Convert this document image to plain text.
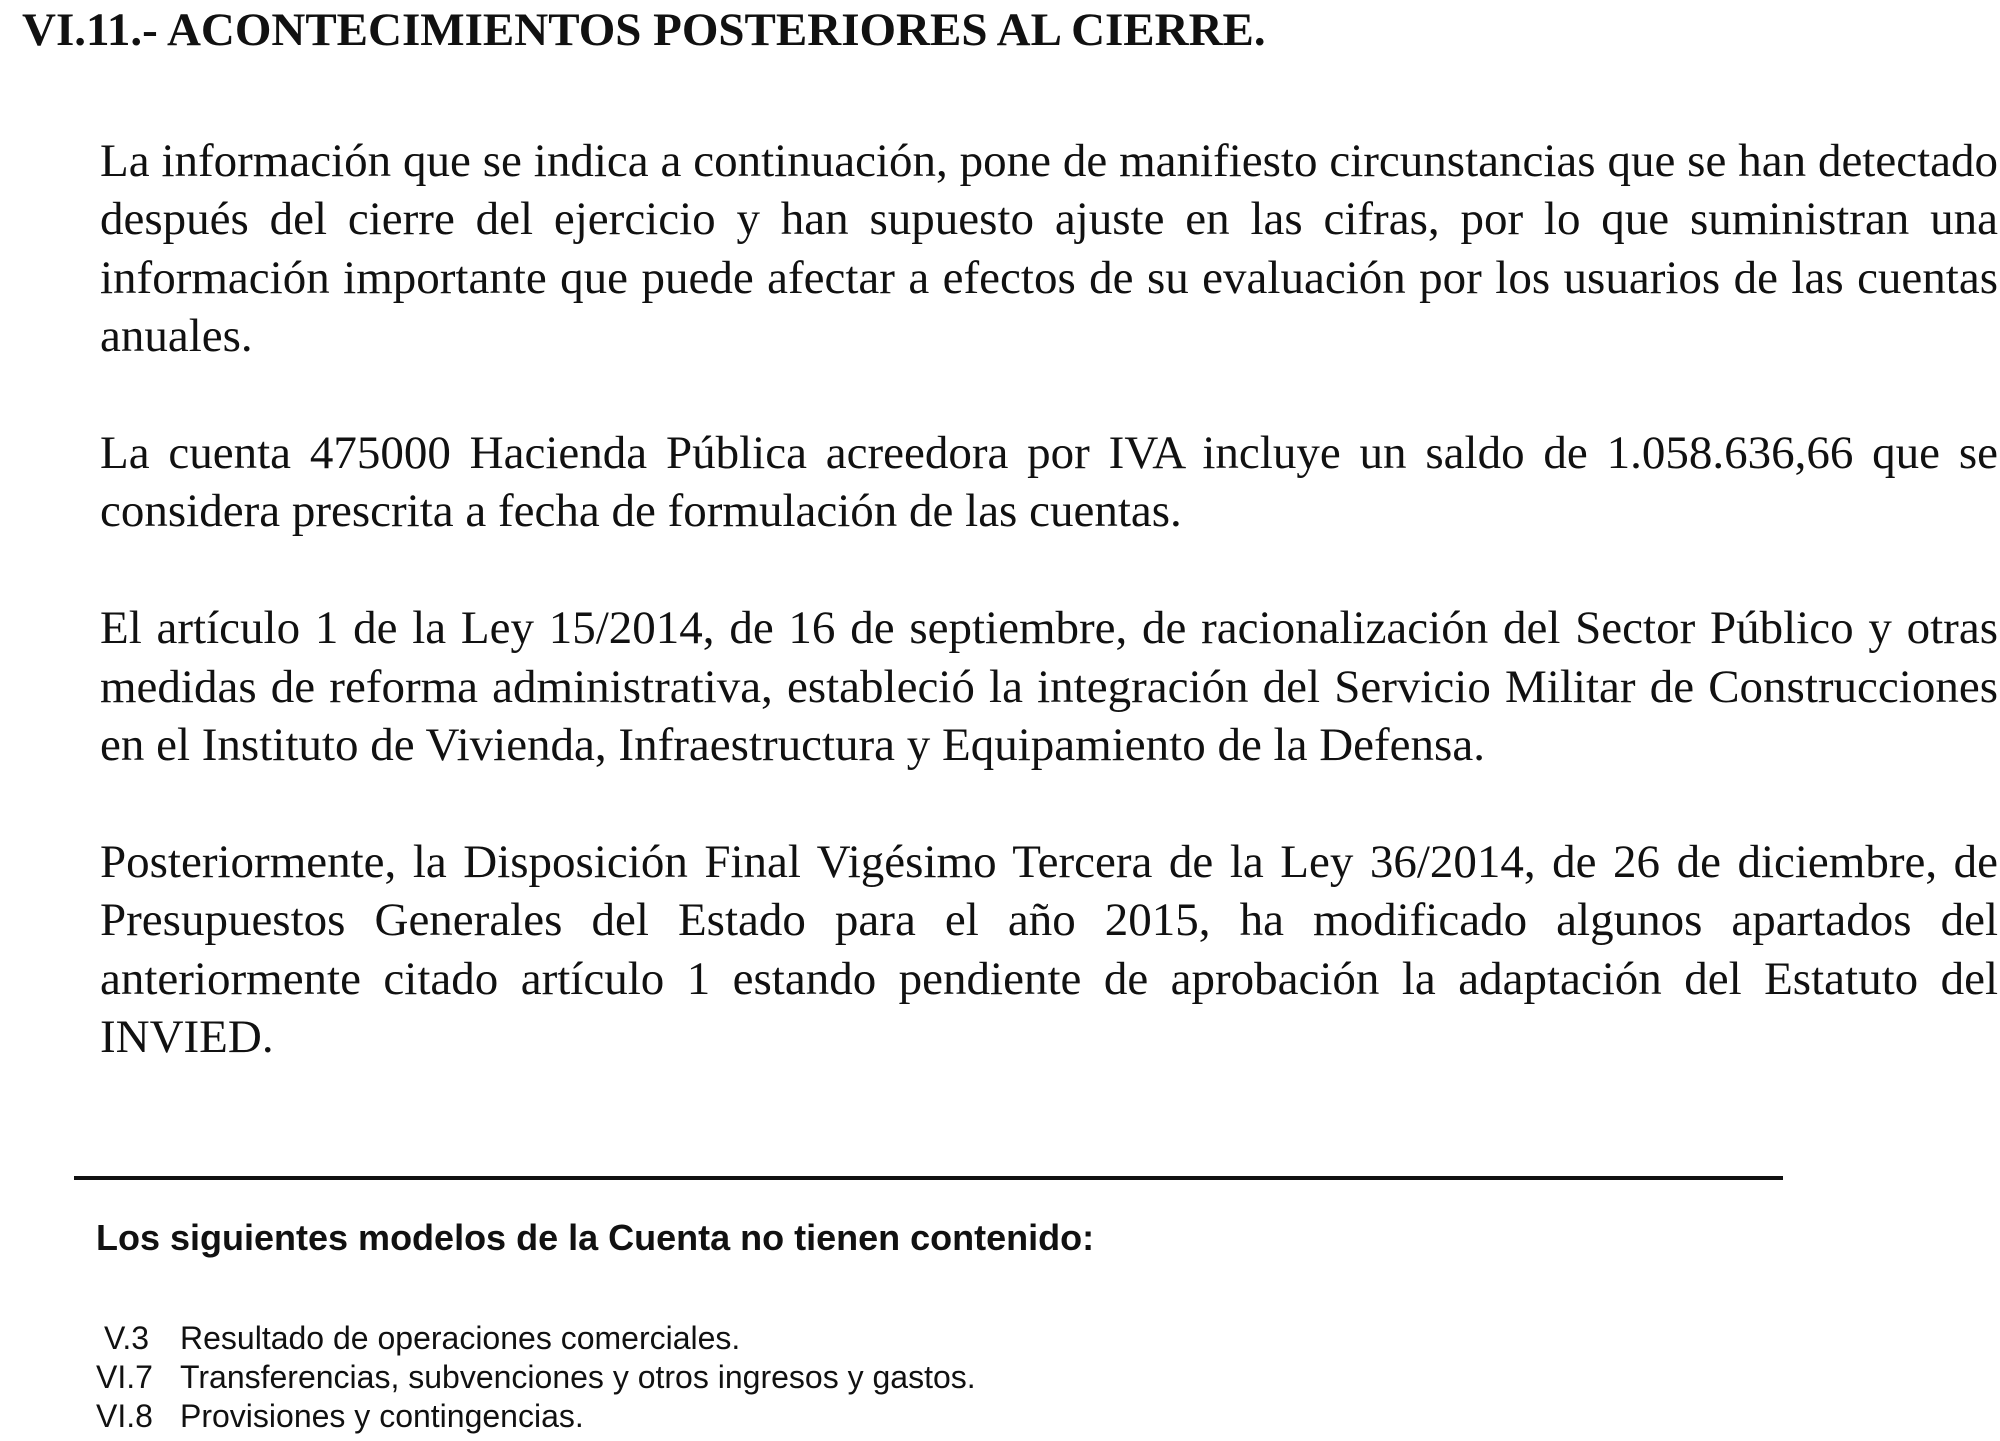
VI.11.- ACONTECIMIENTOS POSTERIORES AL CIERRE.

La información que se indica a continuación, pone de manifiesto circunstancias que se han detectado después del cierre del ejercicio y han supuesto ajuste en las cifras, por lo que suministran una información importante que puede afectar a efectos de su evaluación por los usuarios de las cuentas anuales.

La cuenta 475000 Hacienda Pública acreedora por IVA incluye un saldo de 1.058.636,66 que se considera prescrita a fecha de formulación de las cuentas.

El artículo 1 de la Ley 15/2014, de 16 de septiembre, de racionalización del Sector Público y otras medidas de reforma administrativa, estableció la integración del Servicio Militar de Construcciones en el Instituto de Vivienda, Infraestructura y Equipamiento de la Defensa.

Posteriormente, la Disposición Final Vigésimo Tercera de la Ley 36/2014, de 26 de diciembre, de Presupuestos Generales del Estado para el año 2015, ha modificado algunos apartados del anteriormente citado artículo 1 estando pendiente de aprobación la adaptación del Estatuto del INVIED.

Los siguientes modelos de la Cuenta no tienen contenido:
V.3 Resultado de operaciones comerciales.
VI.7 Transferencias, subvenciones y otros ingresos y gastos.
VI.8 Provisiones y contingencias.
